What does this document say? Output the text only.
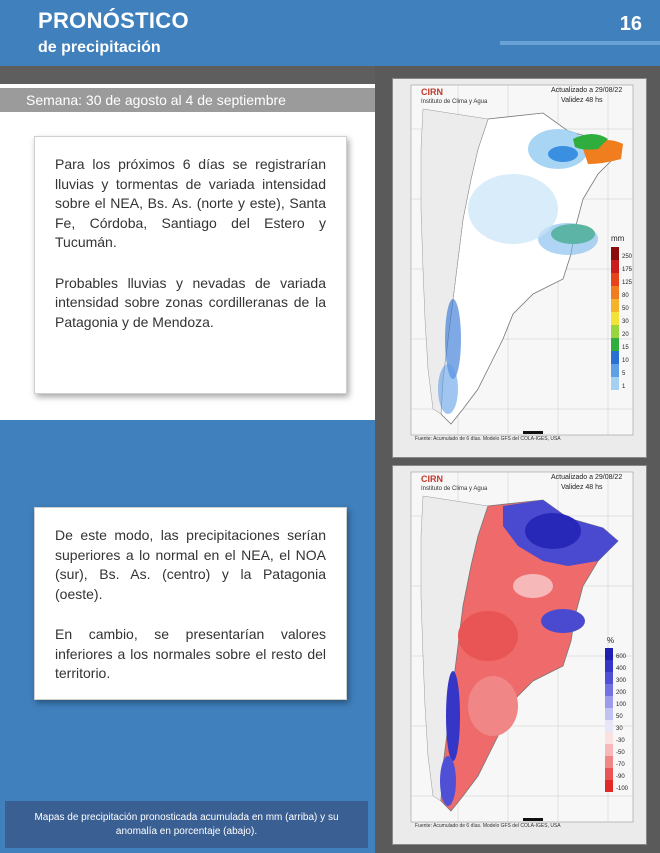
PRONÓSTICO
de precipitación
16
Semana: 30 de agosto al 4 de septiembre

Para los próximos 6 días se registrarían lluvias y tormentas de variada intensidad sobre el NEA, Bs. As. (norte y este), Santa Fe, Córdoba, Santiago del Estero y Tucumán.

Probables lluvias y nevadas de variada intensidad sobre zonas cordilleranas de la Patagonia y de Mendoza.

De este modo, las precipitaciones serían superiores a lo normal en el NEA, el NOA (sur), Bs. As. (centro) y la Patagonia (oeste).

En cambio, se presentarían valores inferiores a los normales sobre el resto del territorio.

Mapas de precipitación pronosticada acumulada en mm (arriba) y su anomalía en porcentaje (abajo).
250
175
125
80
50
30
20
15
10
5
1
CIRN
Instituto de Clima y Agua
Actualizado a 29/08/22
Validez 48 hs
mm
Fuente: Acumulado de 6 días. Modelo GFS del COLA-IGES, USA
600
400
300
200
100
50
30
-30
-50
-70
-90
-100
CIRN
Instituto de Clima y Agua
Actualizado a 29/08/22
Validez 48 hs
%
Fuente: Acumulado de 6 días. Modelo GFS del COLA-IGES, USA
